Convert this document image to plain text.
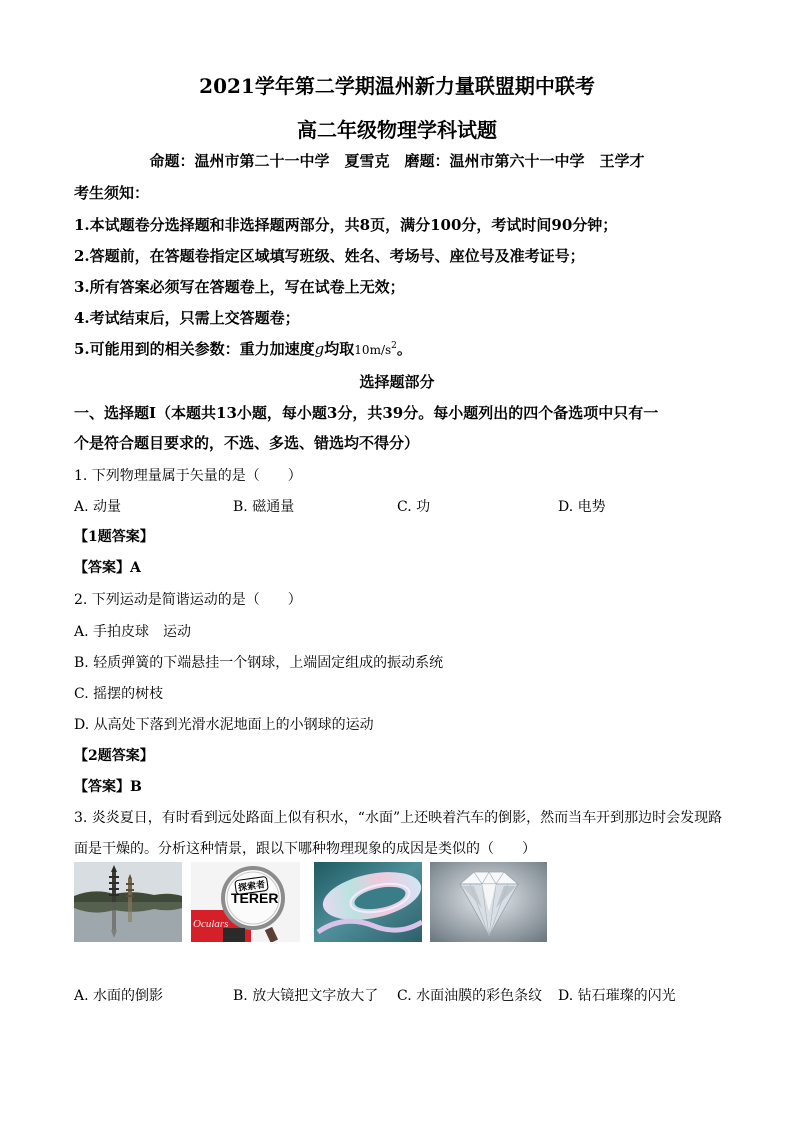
2021学年第二学期温州新力量联盟期中联考
高二年级物理学科试题
命题：温州市第二十一中学　夏雪克　磨题：温州市第六十一中学　王学才
考生须知：
1.本试题卷分选择题和非选择题两部分，共8页，满分100分，考试时间90分钟；
2.答题前，在答题卷指定区域填写班级、姓名、考场号、座位号及准考证号；
3.所有答案必须写在答题卷上，写在试卷上无效；
4.考试结束后，只需上交答题卷；
5.可能用到的相关参数：重力加速度g均取$10m/s^2$。
选择题部分
一、选择题Ⅰ（本题共13小题，每小题3分，共39分。每小题列出的四个备选项中只有一
个是符合题目要求的，不选、多选、错选均不得分）
1. 下列物理量属于矢量的是（　　）
A. 动量	B. 磁通量	C. 功	D. 电势
【1题答案】
【答案】A
2. 下列运动是简谐运动的是（　　）
A. 手拍皮球　运动
B. 轻质弹簧的下端悬挂一个钢球，上端固定组成的振动系统
C. 摇摆的树枝
D. 从高处下落到光滑水泥地面上的小钢球的运动
【2题答案】
【答案】B
3. 炎炎夏日，有时看到远处路面上似有积水，“水面”上还映着汽车的倒影，然而当车开到那边时会发现路
面是干燥的。分析这种情景，跟以下哪种物理现象的成因是类似的（　　）
探索者
TERER
Oculars
A. 水面的倒影	B. 放大镜把文字放大了 C. 水面油膜的彩色条纹 D. 钻石璀璨的闪光
